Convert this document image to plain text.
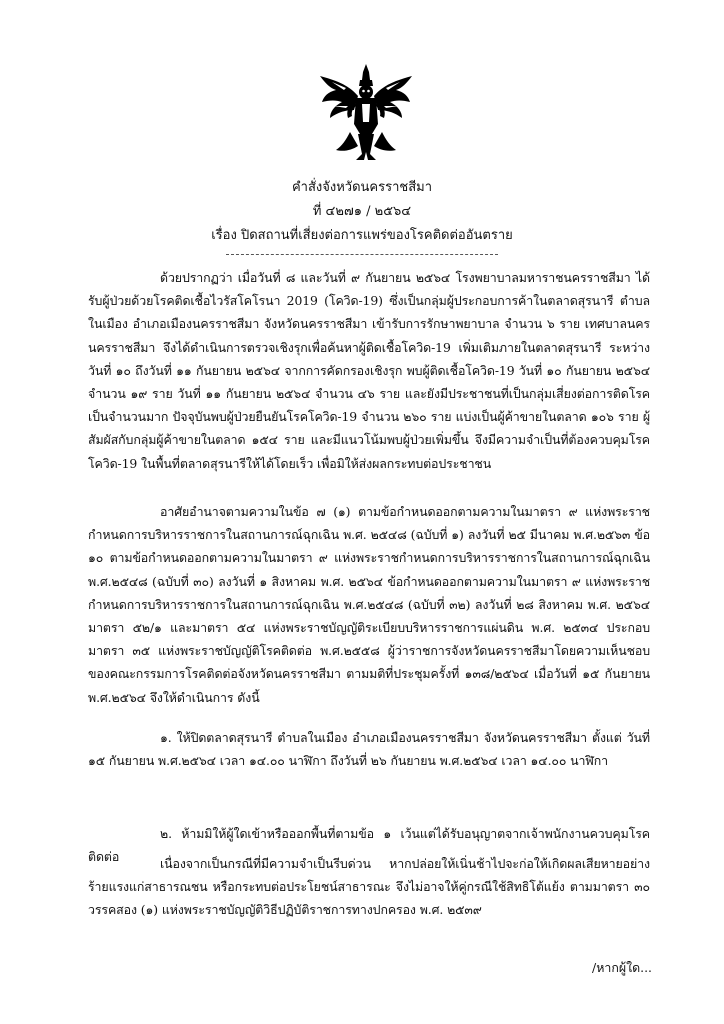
คำสั่งจังหวัดนครราชสีมา
ที่ ๔๒๗๑ / ๒๕๖๔
เรื่อง ปิดสถานที่เสี่ยงต่อการแพร่ของโรคติดต่ออันตราย
ด้วยปรากฏว่า เมื่อวันที่ ๘ และวันที่ ๙ กันยายน ๒๕๖๔ โรงพยาบาลมหาราชนครราชสีมา ได้รับผู้ป่วยด้วยโรคติดเชื้อไวรัสโคโรนา 2019 (โควิด-19) ซึ่งเป็นกลุ่มผู้ประกอบการค้าในตลาดสุรนารี ตำบลในเมือง อำเภอเมืองนครราชสีมา จังหวัดนครราชสีมา เข้ารับการรักษาพยาบาล จำนวน ๖ ราย เทศบาลนครนครราชสีมา จึงได้ดำเนินการตรวจเชิงรุกเพื่อค้นหาผู้ติดเชื้อโควิด-19 เพิ่มเติมภายในตลาดสุรนารี ระหว่างวันที่ ๑๐ ถึงวันที่ ๑๑ กันยายน ๒๕๖๔ จากการคัดกรองเชิงรุก พบผู้ติดเชื้อโควิด-19 วันที่ ๑๐ กันยายน ๒๕๖๔ จำนวน ๑๙ ราย วันที่ ๑๑ กันยายน ๒๕๖๔ จำนวน ๔๖ ราย และยังมีประชาชนที่เป็นกลุ่มเสี่ยงต่อการติดโรคเป็นจำนวนมาก ปัจจุบันพบผู้ป่วยยืนยันโรคโควิด-19 จำนวน ๒๖๐ ราย แบ่งเป็นผู้ค้าขายในตลาด ๑๐๖ ราย ผู้สัมผัสกับกลุ่มผู้ค้าขายในตลาด ๑๕๔ ราย และมีแนวโน้มพบผู้ป่วยเพิ่มขึ้น จึงมีความจำเป็นที่ต้องควบคุมโรคโควิด-19 ในพื้นที่ตลาดสุรนารีให้ได้โดยเร็ว เพื่อมิให้ส่งผลกระทบต่อประชาชน
อาศัยอำนาจตามความในข้อ ๗ (๑) ตามข้อกำหนดออกตามความในมาตรา ๙ แห่งพระราชกำหนดการบริหารราชการในสถานการณ์ฉุกเฉิน พ.ศ. ๒๕๔๘ (ฉบับที่ ๑) ลงวันที่ ๒๕ มีนาคม พ.ศ.๒๕๖๓ ข้อ ๑๐ ตามข้อกำหนดออกตามความในมาตรา ๙ แห่งพระราชกำหนดการบริหารราชการในสถานการณ์ฉุกเฉิน พ.ศ.๒๕๔๘ (ฉบับที่ ๓๐) ลงวันที่ ๑ สิงหาคม พ.ศ. ๒๕๖๔ ข้อกำหนดออกตามความในมาตรา ๙ แห่งพระราชกำหนดการบริหารราชการในสถานการณ์ฉุกเฉิน พ.ศ.๒๕๔๘ (ฉบับที่ ๓๒) ลงวันที่ ๒๘ สิงหาคม พ.ศ. ๒๕๖๔ มาตรา ๕๒/๑ และมาตรา ๕๔ แห่งพระราชบัญญัติระเบียบบริหารราชการแผ่นดิน พ.ศ. ๒๕๓๔ ประกอบมาตรา ๓๕ แห่งพระราชบัญญัติโรคติดต่อ พ.ศ.๒๕๕๘ ผู้ว่าราชการจังหวัดนครราชสีมาโดยความเห็นชอบของคณะกรรมการโรคติดต่อจังหวัดนครราชสีมา ตามมติที่ประชุมครั้งที่ ๑๓๘/๒๕๖๔ เมื่อวันที่ ๑๕ กันยายน พ.ศ.๒๕๖๔ จึงให้ดำเนินการ ดังนี้
๑. ให้ปิดตลาดสุรนารี ตำบลในเมือง อำเภอเมืองนครราชสีมา จังหวัดนครราชสีมา ตั้งแต่ วันที่ ๑๕ กันยายน พ.ศ.๒๕๖๔ เวลา ๑๔.๐๐ นาฬิกา ถึงวันที่ ๒๖ กันยายน พ.ศ.๒๕๖๔ เวลา ๑๔.๐๐ นาฬิกา
๒. ห้ามมิให้ผู้ใดเข้าหรือออกพื้นที่ตามข้อ ๑ เว้นแต่ได้รับอนุญาตจากเจ้าพนักงานควบคุมโรคติดต่อ	เนื่องจากเป็นกรณีที่มีความจำเป็นรีบด่วน หากปล่อยให้เนิ่นช้าไปจะก่อให้เกิดผลเสียหายอย่างร้ายแรงแก่สาธารณชน หรือกระทบต่อประโยชน์สาธารณะ จึงไม่อาจให้คู่กรณีใช้สิทธิโต้แย้ง ตามมาตรา ๓๐ วรรคสอง (๑) แห่งพระราชบัญญัติวิธีปฏิบัติราชการทางปกครอง พ.ศ. ๒๕๓๙
/หากผู้ใด...
